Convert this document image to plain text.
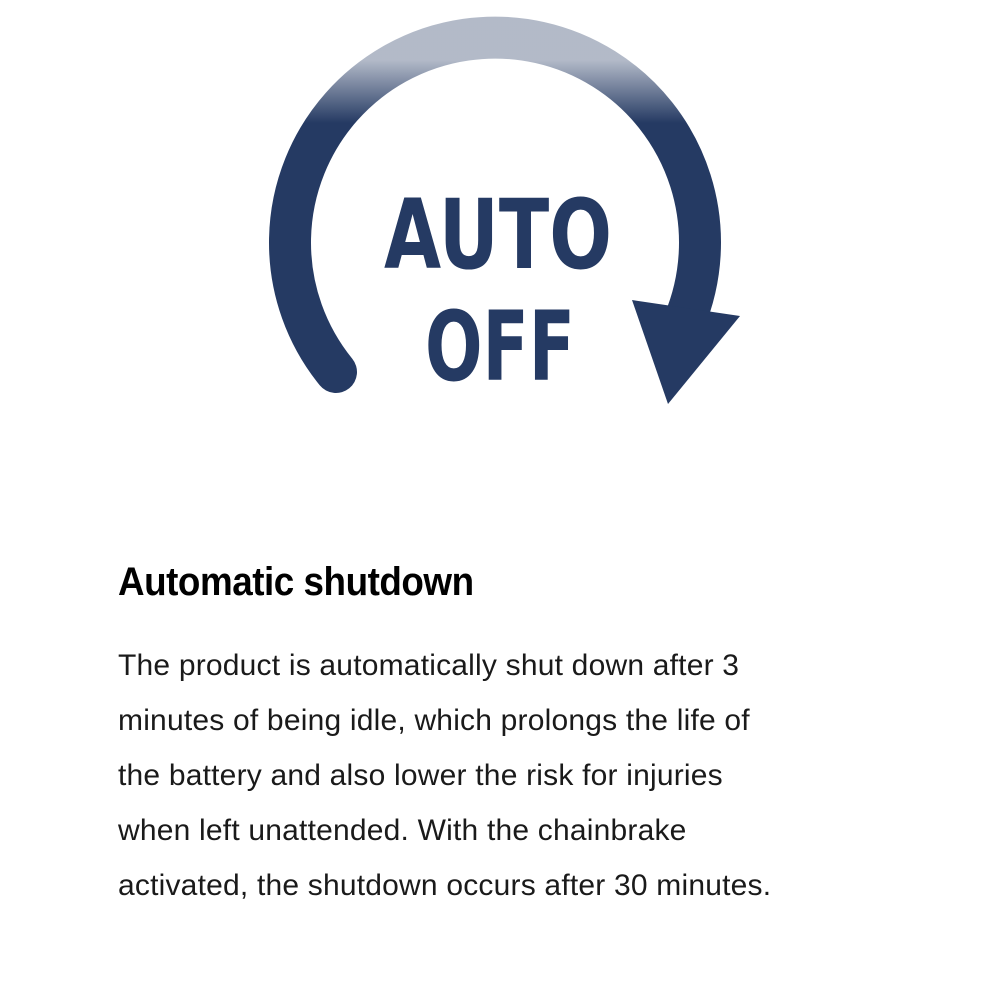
AUTO
OFF
Automatic shutdown

The product is automatically shut down after 3
minutes of being idle, which prolongs the life of
the battery and also lower the risk for injuries
when left unattended. With the chainbrake
activated, the shutdown occurs after 30 minutes.
